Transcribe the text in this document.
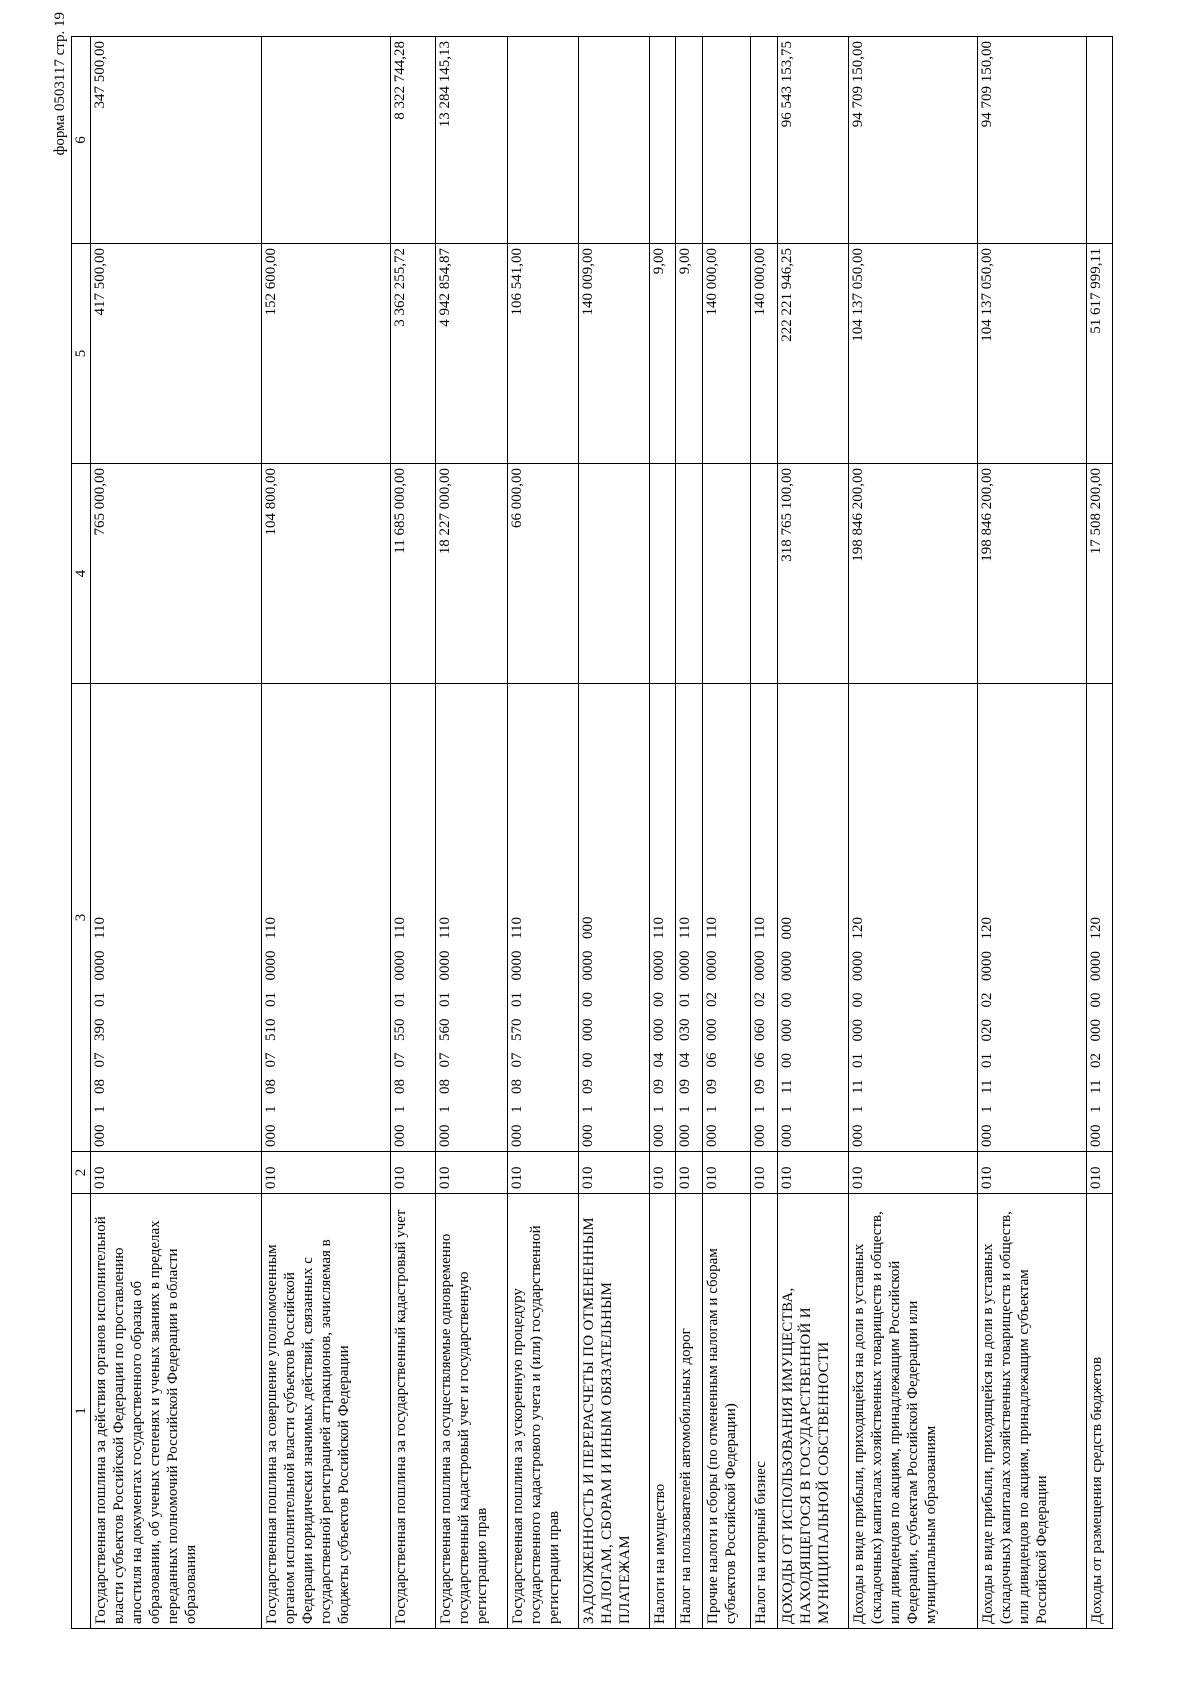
форма 0503117 стр. 19
1	2	3	4	5	6
Государственная пошлина за действия органов исполнительной власти субъектов Российской Федерации по проставлению апостиля на документах государственного образца об образовании, об ученых степенях и ученых званиях в пределах переданных полномочий Российской Федерации в области образования	010	000  1  08  07  390  01  0000  110	765 000,00	417 500,00	347 500,00
Государственная пошлина за совершение уполномоченным органом исполнительной власти субъектов Российской Федерации юридически значимых действий, связанных с государственной регистрацией аттракционов, зачисляемая в бюджеты субъектов Российской Федерации	010	000  1  08  07  510  01  0000  110	104 800,00	152 600,00	
Государственная пошлина за государственный кадастровый учет	010	000  1  08  07  550  01  0000  110	11 685 000,00	3 362 255,72	8 322 744,28
Государственная пошлина за осуществляемые одновременно государственный кадастровый учет и государственную регистрацию прав	010	000  1  08  07  560  01  0000  110	18 227 000,00	4 942 854,87	13 284 145,13
Государственная пошлина за ускоренную процедуру государственного кадастрового учета и (или) государственной регистрации прав	010	000  1  08  07  570  01  0000  110	66 000,00	106 541,00	
ЗАДОЛЖЕННОСТЬ И ПЕРЕРАСЧЕТЫ ПО ОТМЕНЕННЫМ НАЛОГАМ, СБОРАМ И ИНЫМ ОБЯЗАТЕЛЬНЫМ ПЛАТЕЖАМ	010	000  1  09  00  000  00  0000  000		140 009,00	
Налоги на имущество	010	000  1  09  04  000  00  0000  110		9,00	
Налог на пользователей автомобильных дорог	010	000  1  09  04  030  01  0000  110		9,00	
Прочие налоги и сборы (по отмененным налогам и сборам субъектов Российской Федерации)	010	000  1  09  06  000  02  0000  110		140 000,00	
Налог на игорный бизнес	010	000  1  09  06  060  02  0000  110		140 000,00	
ДОХОДЫ ОТ ИСПОЛЬЗОВАНИЯ ИМУЩЕСТВА, НАХОДЯЩЕГОСЯ В ГОСУДАРСТВЕННОЙ И МУНИЦИПАЛЬНОЙ СОБСТВЕННОСТИ	010	000  1  11  00  000  00  0000  000	318 765 100,00	222 221 946,25	96 543 153,75
Доходы в виде прибыли, приходящейся на доли в уставных (складочных) капиталах хозяйственных товариществ и обществ, или дивидендов по акциям, принадлежащим Российской Федерации, субъектам Российской Федерации или муниципальным образованиям	010	000  1  11  01  000  00  0000  120	198 846 200,00	104 137 050,00	94 709 150,00
Доходы в виде прибыли, приходящейся на доли в уставных (складочных) капиталах хозяйственных товариществ и обществ, или дивидендов по акциям, принадлежащим субъектам Российской Федерации	010	000  1  11  01  020  02  0000  120	198 846 200,00	104 137 050,00	94 709 150,00
Доходы от размещения средств бюджетов	010	000  1  11  02  000  00  0000  120	17 508 200,00	51 617 999,11	
